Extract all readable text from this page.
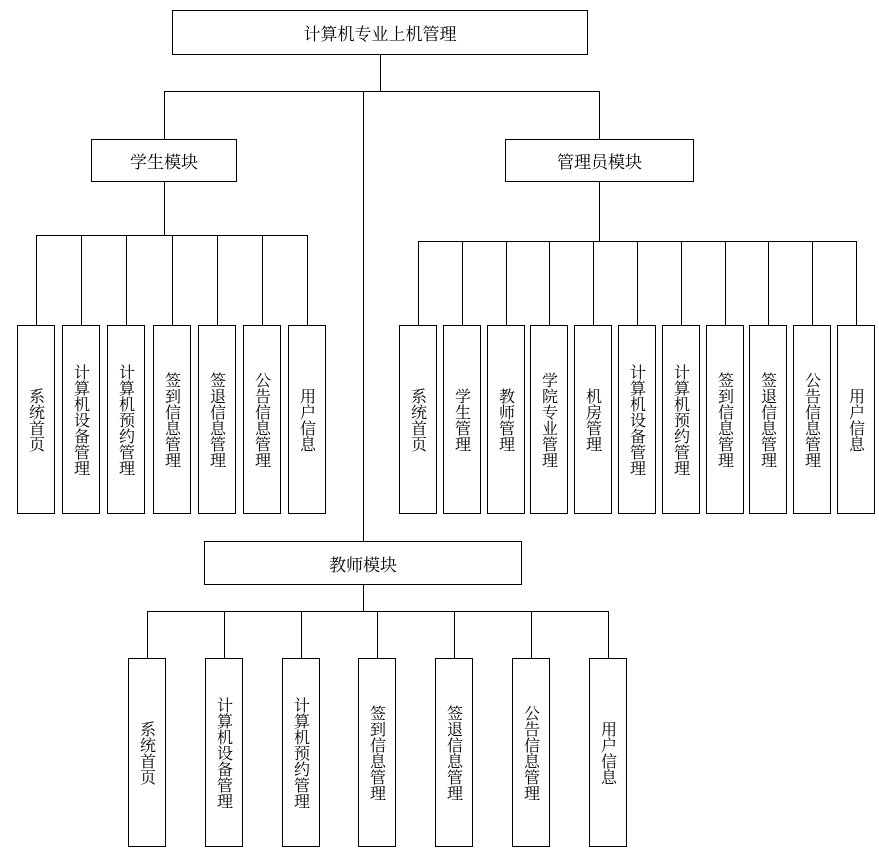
计算机专业上机管理
学生模块	管理员模块
教师模块
系统首页 计算机设备管理 计算机预约管理 签到信息管理 签退信息管理 公告信息管理 用户信息	系统首页 学生管理 教师管理 学院专业管理 机房管理 计算机设备管理 计算机预约管理 签到信息管理 签退信息管理 公告信息管理 用户信息
系统首页	计算机设备管理	计算机预约管理	签到信息管理	签退信息管理	公告信息管理	用户信息
